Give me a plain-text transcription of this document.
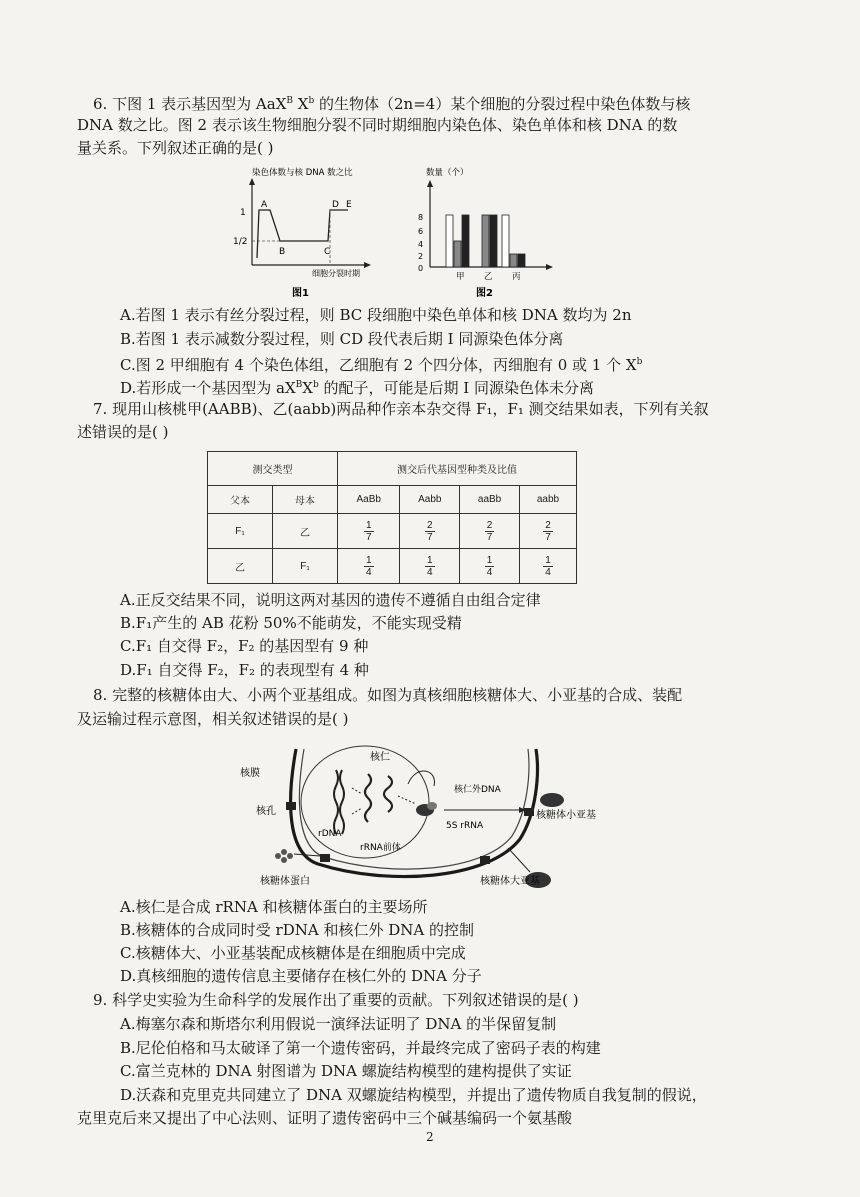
6. 下图 1 表示基因型为 AaX$^B$ $X^b$ 的生物体（2n=4）某个细胞的分裂过程中染色体数与核
DNA 数之比。图 2 表示该生物细胞分裂不同时期细胞内染色体、染色单体和核 DNA 的数
量关系。下列叙述正确的是( )
染色体数与核 DNA 数之比
1
1/2
A
B	C
D E
细胞分裂时期
图1
数量（个）
8
6
4
2
0
甲 乙 丙
图2
A.若图 1 表示有丝分裂过程，则 BC 段细胞中染色单体和核 DNA 数均为 2n
B.若图 1 表示减数分裂过程，则 CD 段代表后期 I 同源染色体分离
C.图 2 甲细胞有 4 个染色体组，乙细胞有 2 个四分体，丙细胞有 0 或 1 个 $X^b$
D.若形成一个基因型为 $aX^BX^b$ 的配子，可能是后期 I 同源染色体未分离
7. 现用山核桃甲(AABB)、乙(aabb)两品种作亲本杂交得 F₁，F₁ 测交结果如表，下列有关叙
述错误的是( )
测交类型		测交后代基因型种类及比值			
父本	母本	AaBb	Aabb	aaBb	aabb
F₁	乙	$\frac{1}{7}$	$\frac{2}{7}$	$\frac{2}{7}$	$\frac{2}{7}$

乙	F₁	$\frac{1}{4}$	$\frac{1}{4}$	$\frac{1}{4}$	$\frac{1}{4}$
A.正反交结果不同，说明这两对基因的遗传不遵循自由组合定律
B.F₁产生的 AB 花粉 50%不能萌发，不能实现受精
C.F₁ 自交得 F₂，F₂ 的基因型有 9 种
D.F₁ 自交得 F₂，F₂ 的表现型有 4 种
8. 完整的核糖体由大、小两个亚基组成。如图为真核细胞核糖体大、小亚基的合成、装配
及运输过程示意图，相关叙述错误的是( )
核膜
核仁
核孔
核仁外DNA
核糖体小亚基
rDNA
5S rRNA
rRNA前体
核糖体蛋白	核糖体大亚基
A.核仁是合成 rRNA 和核糖体蛋白的主要场所
B.核糖体的合成同时受 rDNA 和核仁外 DNA 的控制
C.核糖体大、小亚基装配成核糖体是在细胞质中完成
D.真核细胞的遗传信息主要储存在核仁外的 DNA 分子
9. 科学史实验为生命科学的发展作出了重要的贡献。下列叙述错误的是( )
A.梅塞尔森和斯塔尔利用假说一演绎法证明了 DNA 的半保留复制
B.尼伦伯格和马太破译了第一个遗传密码，并最终完成了密码子表的构建
C.富兰克林的 DNA 射图谱为 DNA 螺旋结构模型的建构提供了实证
D.沃森和克里克共同建立了 DNA 双螺旋结构模型，并提出了遗传物质自我复制的假说，
克里克后来又提出了中心法则、证明了遗传密码中三个碱基编码一个氨基酸
2
